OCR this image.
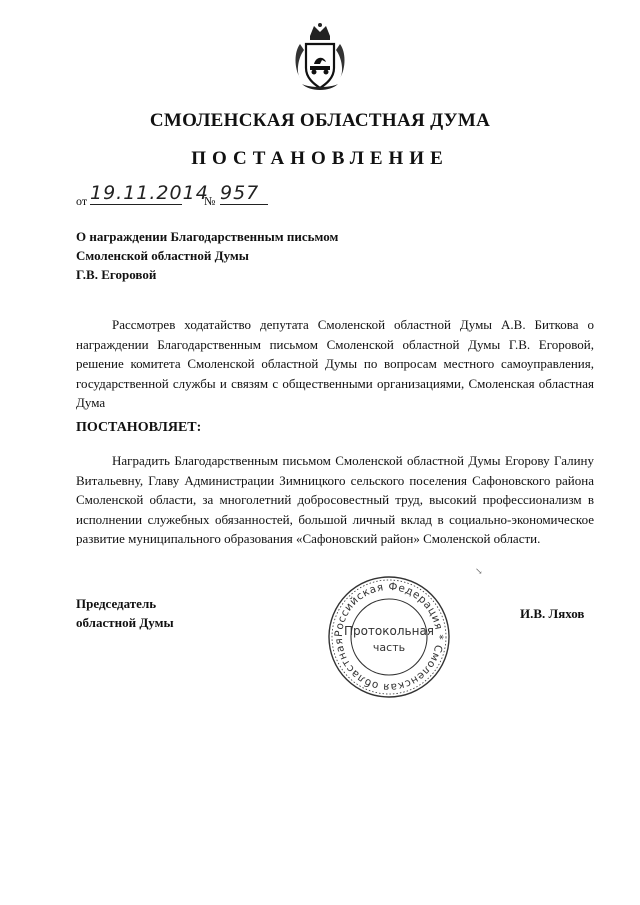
СМОЛЕНСКАЯ ОБЛАСТНАЯ ДУМА
ПОСТАНОВЛЕНИЕ
от 19.11.2014
№ 957
О награждении Благодарственным письмом
Смоленской областной Думы
Г.В. Егоровой
Рассмотрев ходатайство депутата Смоленской областной Думы А.В. Биткова о награждении Благодарственным письмом Смоленской областной Думы Г.В. Егоровой, решение комитета Смоленской областной Думы по вопросам местного самоуправления, государственной службы и связям с общественными организациями, Смоленская областная Дума
ПОСТАНОВЛЯЕТ:
Наградить Благодарственным письмом Смоленской областной Думы Егорову Галину Витальевну, Главу Администрации Зимницкого сельского поселения Сафоновского района Смоленской области, за многолетний добросовестный труд, высокий профессионализм в исполнении служебных обязанностей, большой личный вклад в социально-экономическое развитие муниципального образования «Сафоновский район» Смоленской области.
↘
Председатель
областной Думы
Российская Федерация * Смоленская областная
Протокольная
часть
И.В. Ляхов
